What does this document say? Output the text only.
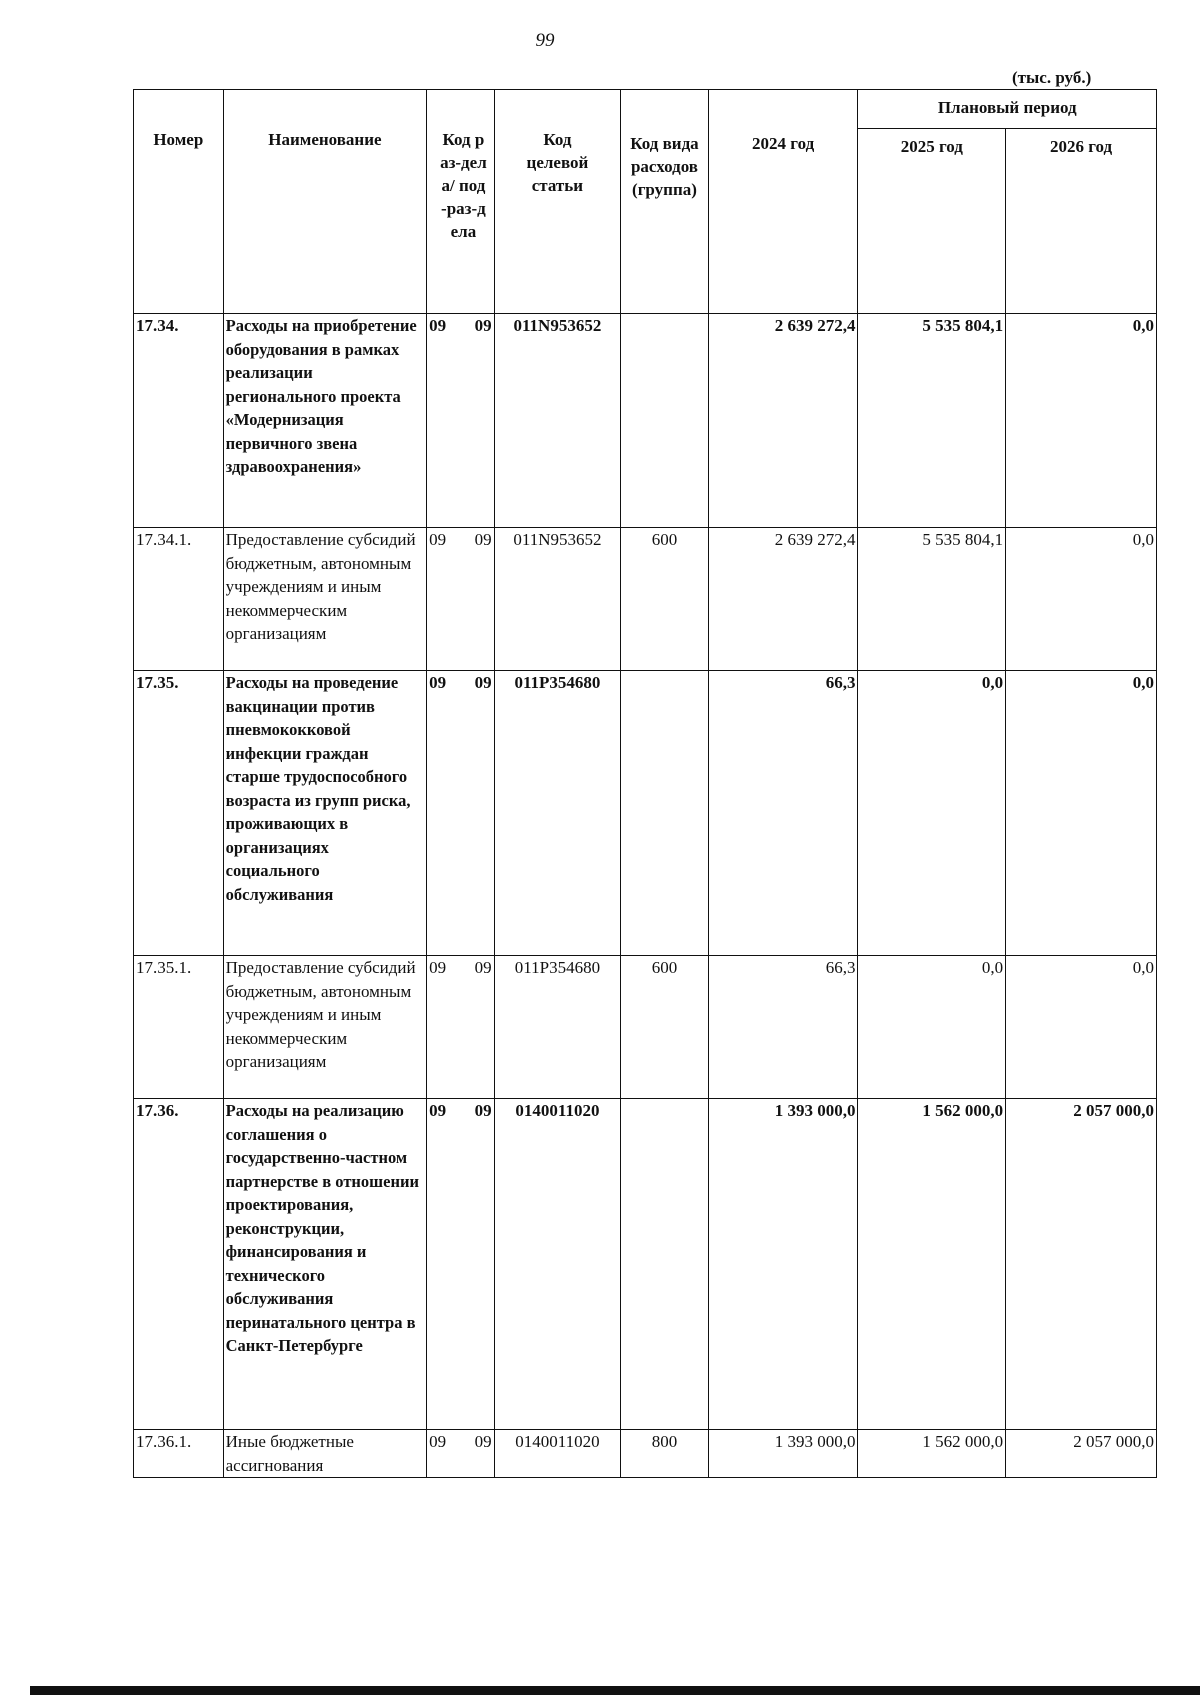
99
(тыс. руб.)
Номер	Наименование	Код раз-дела/ под-раз-дела	Код целевой статьи	Код вида расходов (группа)	2024 год	Плановый период	
						2025 год	2026 год
17.34.	Расходы на приобретение оборудования в рамках реализации регионального проекта «Модернизация первичного звена здравоохранения»	09 09	011N953652		2 639 272,4	5 535 804,1	0,0
17.34.1.	Предоставление субсидий бюджетным, автономным учреждениям и иным некоммерческим организациям	09 09	011N953652	600	2 639 272,4	5 535 804,1	0,0
17.35.	Расходы на проведение вакцинации против пневмококковой инфекции граждан старше трудоспособного возраста из групп риска, проживающих в организациях социального обслуживания	09 09	011P354680		66,3	0,0	0,0
17.35.1.	Предоставление субсидий бюджетным, автономным учреждениям и иным некоммерческим организациям	09 09	011P354680	600	66,3	0,0	0,0
17.36.	Расходы на реализацию соглашения о государственно-частном партнерстве в отношении проектирования, реконструкции, финансирования и технического обслуживания перинатального центра в Санкт-Петербурге	09 09	0140011020		1 393 000,0	1 562 000,0	2 057 000,0
17.36.1.	Иные бюджетные ассигнования	09 09	0140011020	800	1 393 000,0	1 562 000,0	2 057 000,0
